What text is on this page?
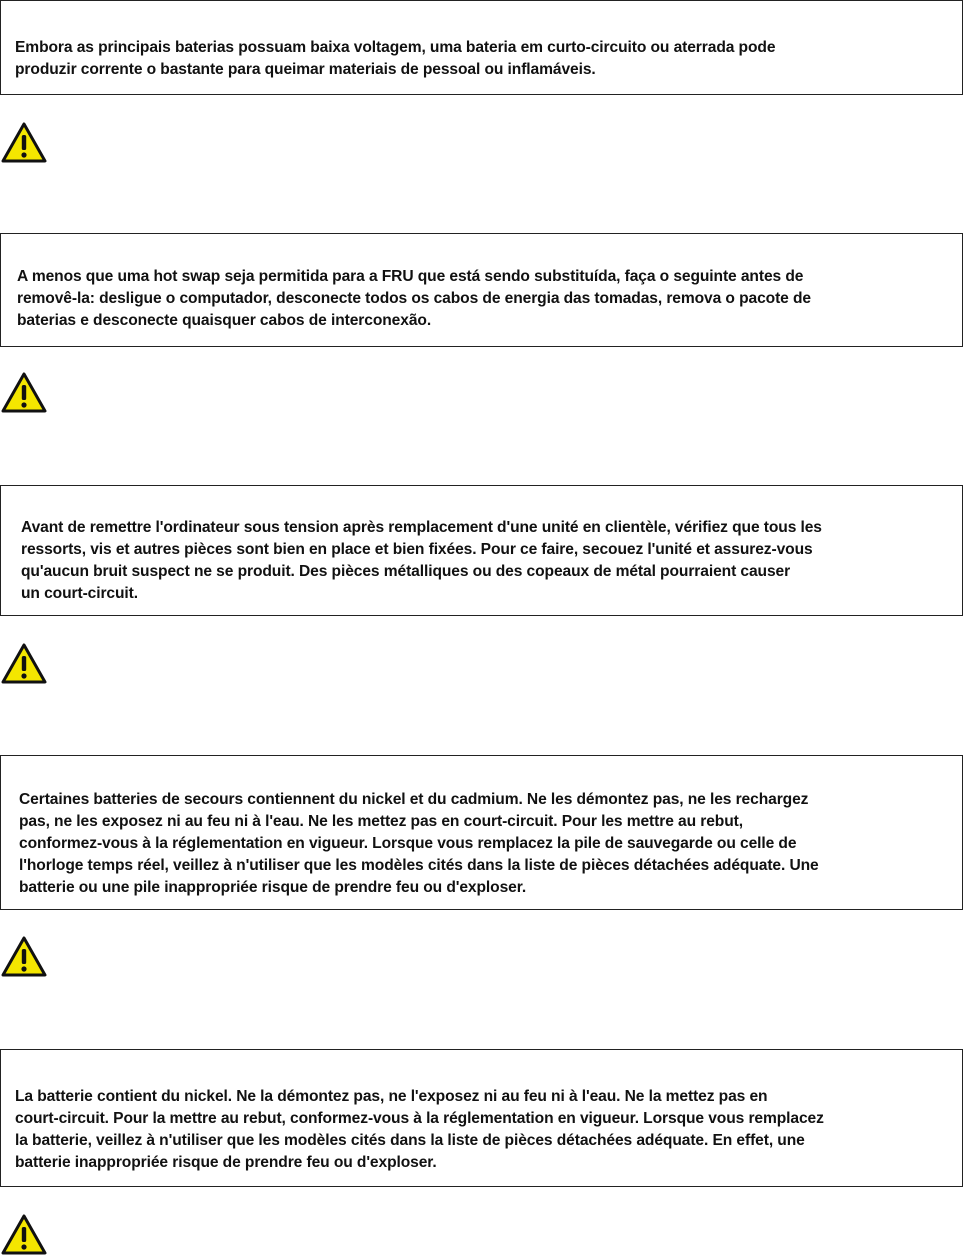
Embora as principais baterias possuam baixa voltagem, uma bateria em curto-circuito ou aterrada pode
produzir corrente o bastante para queimar materiais de pessoal ou inflamáveis.

A menos que uma hot swap seja permitida para a FRU que está sendo substituída, faça o seguinte antes de
removê-la: desligue o computador, desconecte todos os cabos de energia das tomadas, remova o pacote de
baterias e desconecte quaisquer cabos de interconexão.

Avant de remettre l'ordinateur sous tension après remplacement d'une unité en clientèle, vérifiez que tous les
ressorts, vis et autres pièces sont bien en place et bien fixées. Pour ce faire, secouez l'unité et assurez-vous
qu'aucun bruit suspect ne se produit. Des pièces métalliques ou des copeaux de métal pourraient causer
un court-circuit.

Certaines batteries de secours contiennent du nickel et du cadmium. Ne les démontez pas, ne les rechargez
pas, ne les exposez ni au feu ni à l'eau. Ne les mettez pas en court-circuit. Pour les mettre au rebut,
conformez-vous à la réglementation en vigueur. Lorsque vous remplacez la pile de sauvegarde ou celle de
l'horloge temps réel, veillez à n'utiliser que les modèles cités dans la liste de pièces détachées adéquate. Une
batterie ou une pile inappropriée risque de prendre feu ou d'exploser.

La batterie contient du nickel. Ne la démontez pas, ne l'exposez ni au feu ni à l'eau. Ne la mettez pas en
court-circuit. Pour la mettre au rebut, conformez-vous à la réglementation en vigueur. Lorsque vous remplacez
la batterie, veillez à n'utiliser que les modèles cités dans la liste de pièces détachées adéquate. En effet, une
batterie inappropriée risque de prendre feu ou d'exploser.
